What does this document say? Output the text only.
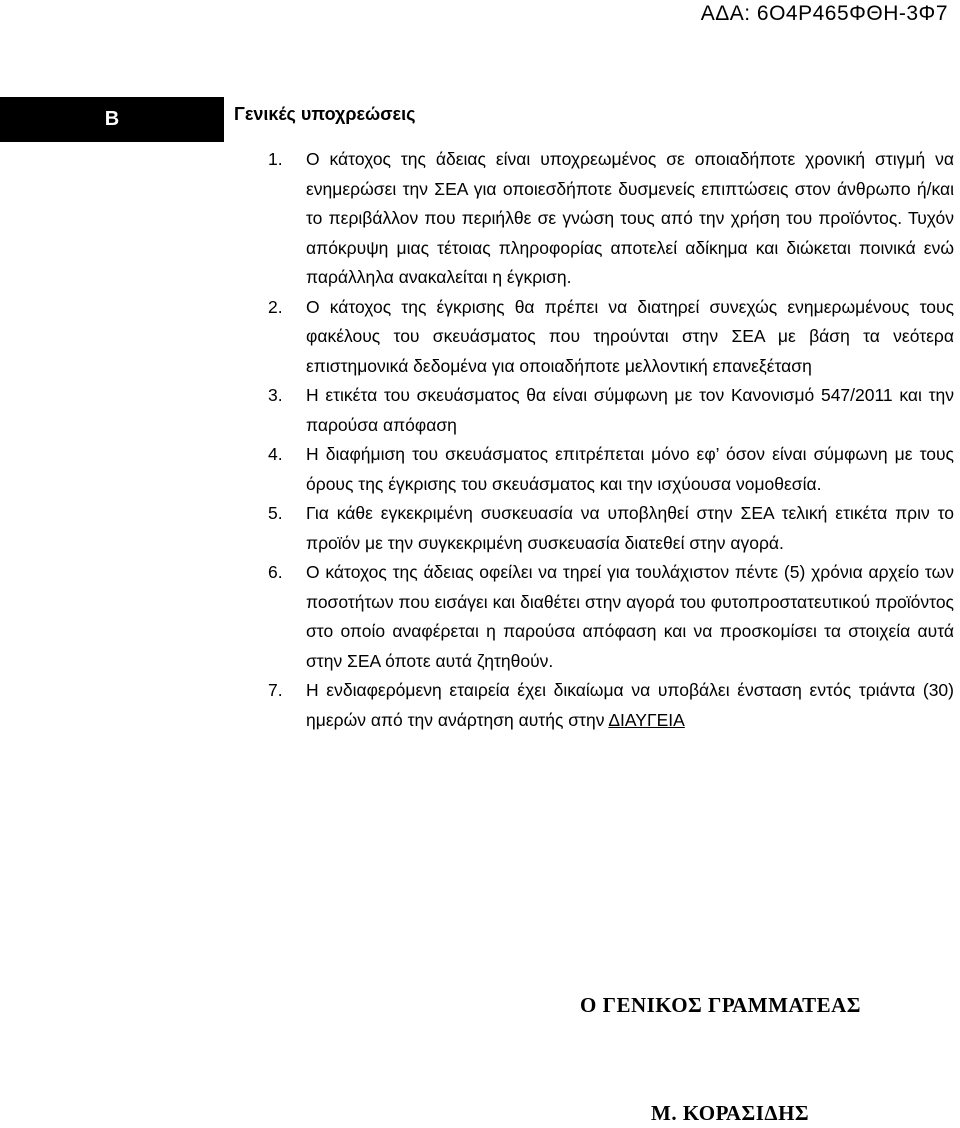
ΑΔΑ: 6Ο4Ρ465ΦΘΗ-3Φ7
Β	Γενικές υποχρεώσεις
1. Ο κάτοχος της άδειας είναι υποχρεωμένος σε οποιαδήποτε χρονική στιγμή να ενημερώσει την ΣΕΑ για οποιεσδήποτε δυσμενείς επιπτώσεις στον άνθρωπο ή/και το περιβάλλον που περιήλθε σε γνώση τους από την χρήση του προϊόντος. Τυχόν απόκρυψη μιας τέτοιας πληροφορίας αποτελεί αδίκημα και διώκεται ποινικά ενώ παράλληλα ανακαλείται η έγκριση.
2. Ο κάτοχος της έγκρισης θα πρέπει να διατηρεί συνεχώς ενημερωμένους τους φακέλους του σκευάσματος που τηρούνται στην ΣΕΑ με βάση τα νεότερα επιστημονικά δεδομένα για οποιαδήποτε μελλοντική επανεξέταση
3. Η ετικέτα του σκευάσματος θα είναι σύμφωνη με τον Κανονισμό 547/2011 και την παρούσα απόφαση
4. Η διαφήμιση του σκευάσματος επιτρέπεται μόνο εφ’ όσον είναι σύμφωνη με τους όρους της έγκρισης του σκευάσματος και την ισχύουσα νομοθεσία.
5. Για κάθε εγκεκριμένη συσκευασία να υποβληθεί στην ΣΕΑ τελική ετικέτα πριν το προϊόν με την συγκεκριμένη συσκευασία διατεθεί στην αγορά.
6. Ο κάτοχος της άδειας οφείλει να τηρεί για τουλάχιστον πέντε (5) χρόνια αρχείο των ποσοτήτων που εισάγει και διαθέτει στην αγορά του φυτοπροστατευτικού προϊόντος στο οποίο αναφέρεται η παρούσα απόφαση και να προσκομίσει τα στοιχεία αυτά στην ΣΕΑ όποτε αυτά ζητηθούν.
7. Η ενδιαφερόμενη εταιρεία έχει δικαίωμα να υποβάλει ένσταση εντός τριάντα (30) ημερών από την ανάρτηση αυτής στην ΔΙΑΥΓΕΙΑ
Ο ΓΕΝΙΚΟΣ ΓΡΑΜΜΑΤΕΑΣ
Μ. ΚΟΡΑΣΙΔΗΣ
